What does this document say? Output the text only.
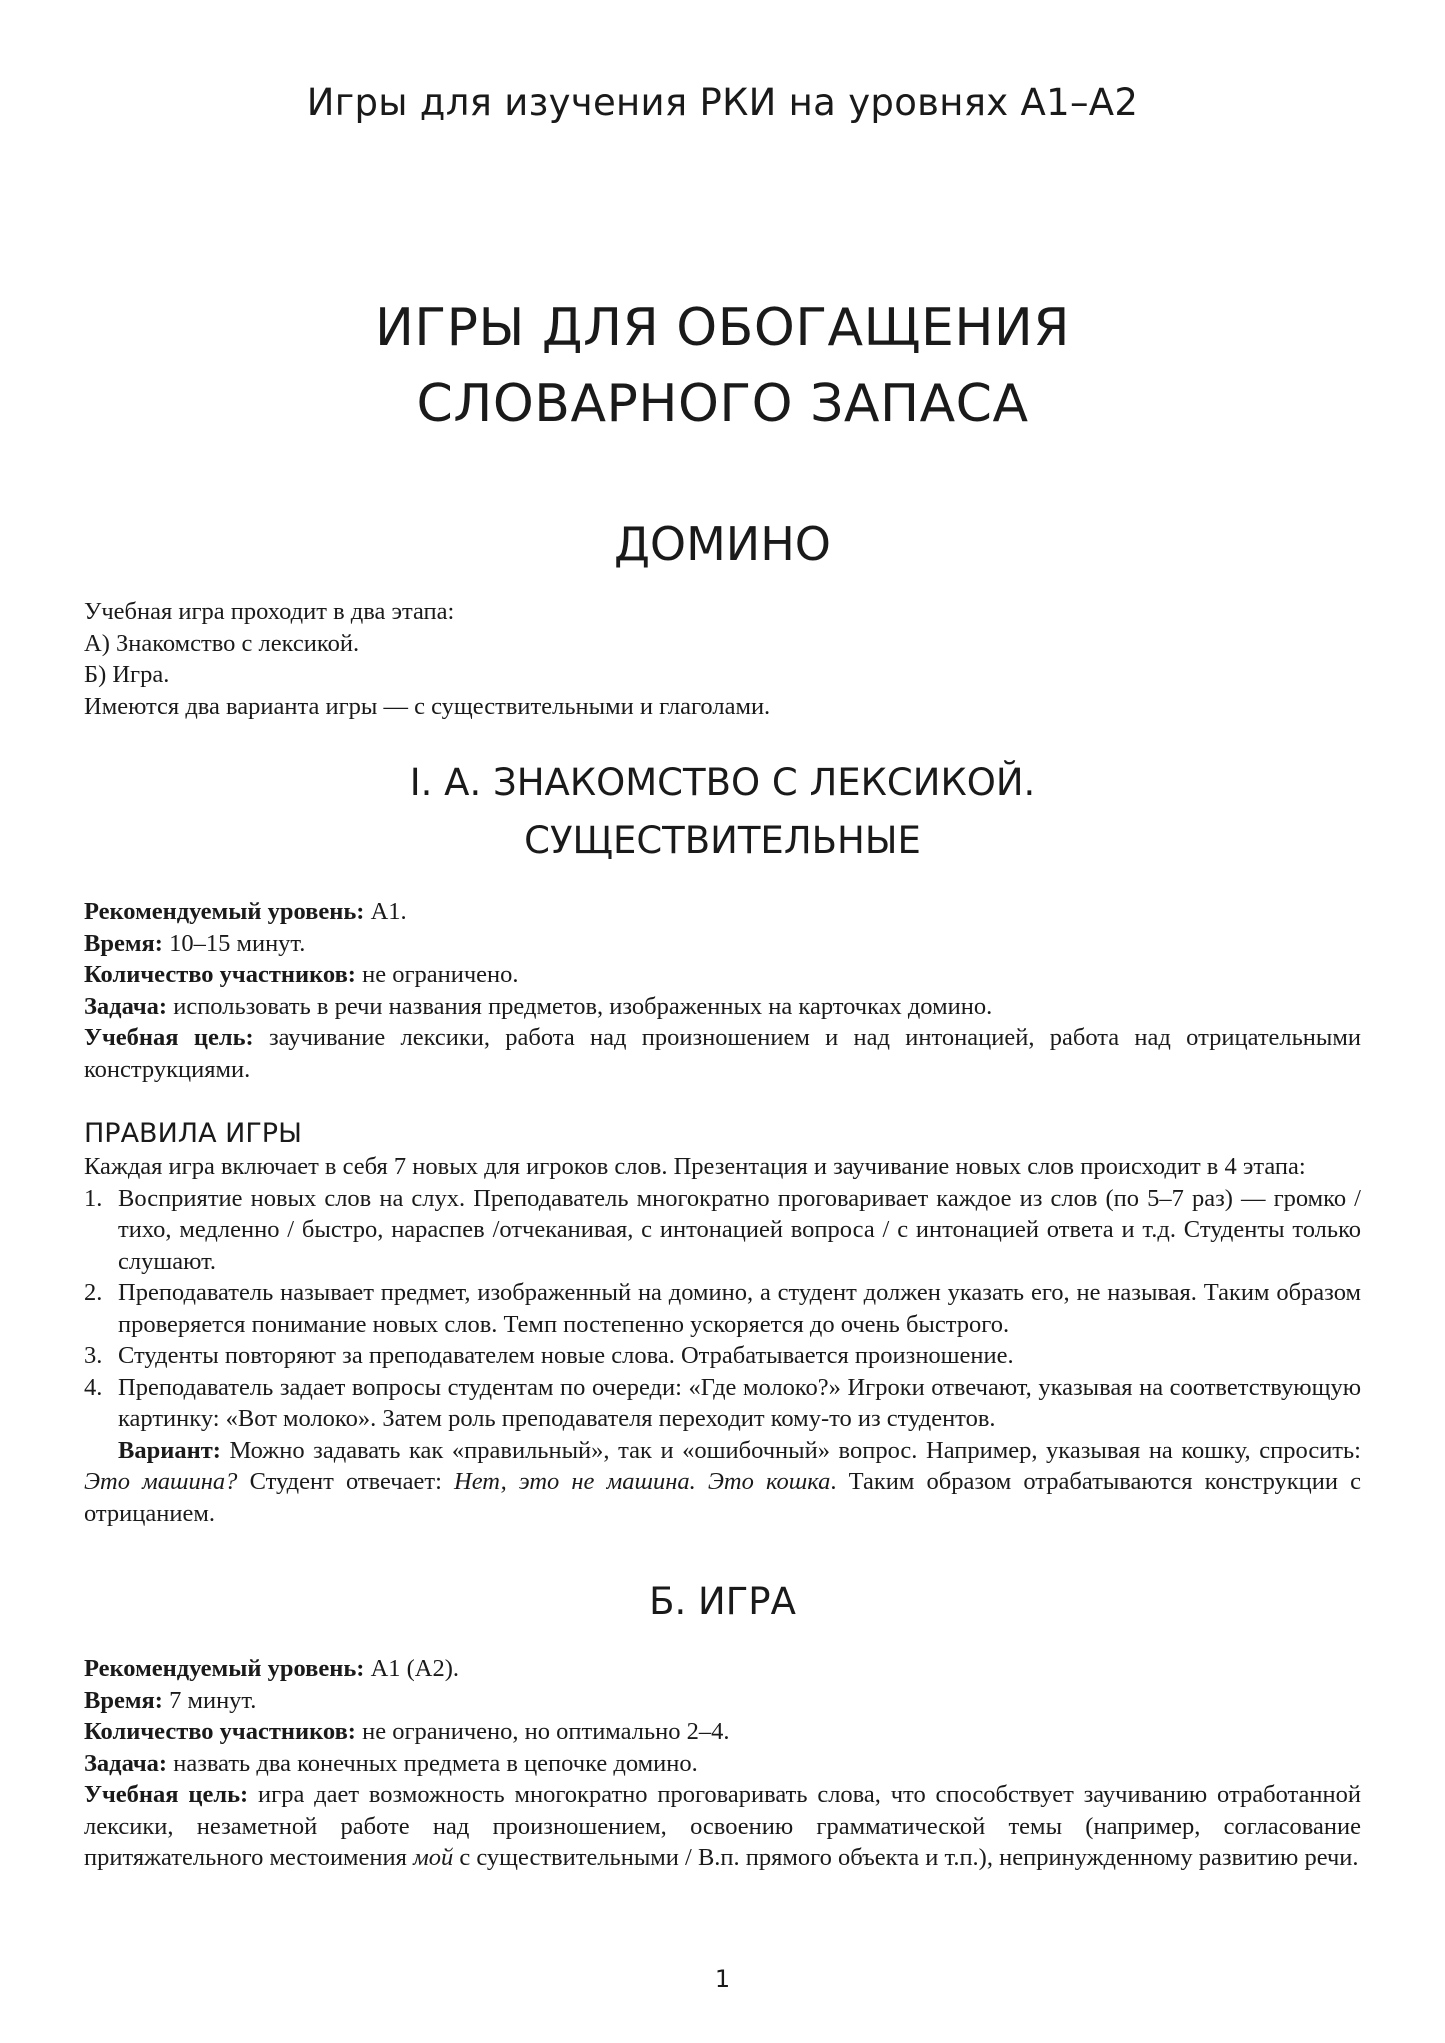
Игры для изучения РКИ на уровнях А1–А2

ИГРЫ ДЛЯ ОБОГАЩЕНИЯ
СЛОВАРНОГО ЗАПАСА
ДОМИНО

Учебная игра проходит в два этапа:

А) Знакомство с лексикой.

Б) Игра.

Имеются два варианта игры — с существительными и глаголами.

I. А. ЗНАКОМСТВО С ЛЕКСИКОЙ.
СУЩЕСТВИТЕЛЬНЫЕ

Рекомендуемый уровень: А1.

Время: 10–15 минут.

Количество участников: не ограничено.

Задача: использовать в речи названия предметов, изображенных на карточках домино.

Учебная цель: заучивание лексики, работа над произношением и над интонацией, работа над отрицательными конструкциями.

ПРАВИЛА ИГРЫ

Каждая игра включает в себя 7 новых для игроков слов. Презентация и заучивание новых слов происходит в 4 этапа:

1. Восприятие новых слов на слух. Преподаватель многократно проговаривает каждое из слов (по 5–7 раз) — громко / тихо, медленно / быстро, нараспев /отчеканивая, с интонацией вопроса / с интонацией ответа и т.д. Студенты только слушают.
2. Преподаватель называет предмет, изображенный на домино, а студент должен указать его, не называя. Таким образом проверяется понимание новых слов. Темп постепенно ускоряется до очень быстрого.
3. Студенты повторяют за преподавателем новые слова. Отрабатывается произношение.
4. Преподаватель задает вопросы студентам по очереди: «Где молоко?» Игроки отвечают, указывая на соответствующую картинку: «Вот молоко». Затем роль преподавателя переходит кому-то из студентов.

Вариант: Можно задавать как «правильный», так и «ошибочный» вопрос. Например, указывая на кошку, спросить: Это машина? Студент отвечает: Нет, это не машина. Это кошка. Таким образом отрабатываются конструкции с отрицанием.

Б. ИГРА

Рекомендуемый уровень: А1 (А2).

Время: 7 минут.

Количество участников: не ограничено, но оптимально 2–4.

Задача: назвать два конечных предмета в цепочке домино.

Учебная цель: игра дает возможность многократно проговаривать слова, что способствует заучиванию отработанной лексики, незаметной работе над произношением, освоению грамматической темы (например, согласование притяжательного местоимения мой с существительными / В.п. прямого объекта и т.п.), непринужденному развитию речи.

1
